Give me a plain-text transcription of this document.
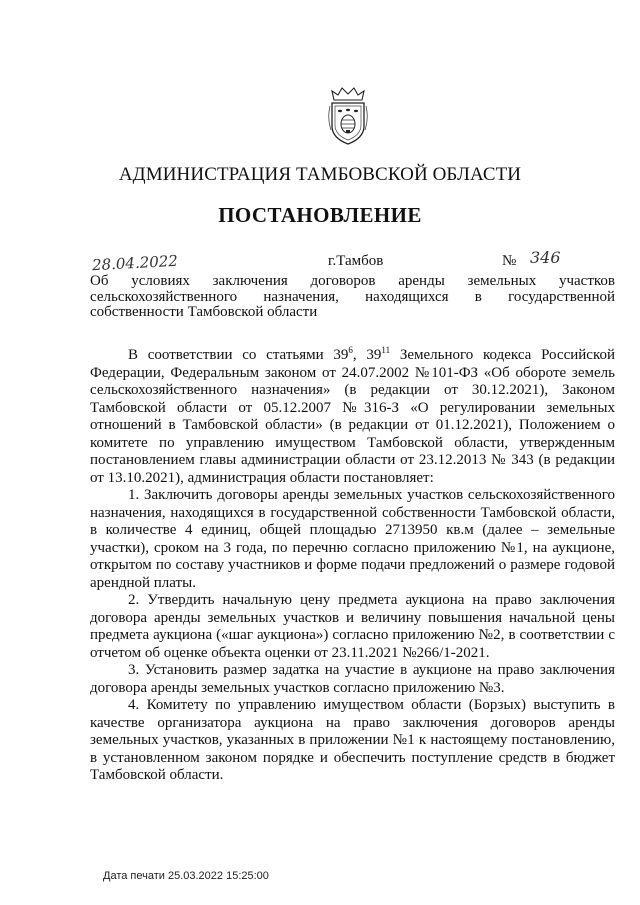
АДМИНИСТРАЦИЯ ТАМБОВСКОЙ ОБЛАСТИ
ПОСТАНОВЛЕНИЕ
28.04.2022	г.Тамбов	№ 346
Об условиях заключения договоров аренды земельных участков сельскохозяйственного назначения, находящихся в государственной собственности Тамбовской области

В соответствии со статьями $39^6$, $39^{11}$ Земельного кодекса Российской Федерации, Федеральным законом от 24.07.2002 №101-ФЗ «Об обороте земель сельскохозяйственного назначения» (в редакции от 30.12.2021), Законом Тамбовской области от 05.12.2007 №316-З «О регулировании земельных отношений в Тамбовской области» (в редакции от 01.12.2021), Положением о комитете по управлению имуществом Тамбовской области, утвержденным постановлением главы администрации области от 23.12.2013 № 343 (в редакции от 13.10.2021), администрация области постановляет:

1. Заключить договоры аренды земельных участков сельскохозяйственного назначения, находящихся в государственной собственности Тамбовской области, в количестве 4 единиц, общей площадью 2713950 кв.м (далее – земельные участки), сроком на 3 года, по перечню согласно приложению №1, на аукционе, открытом по составу участников и форме подачи предложений о размере годовой арендной платы.

2. Утвердить начальную цену предмета аукциона на право заключения договора аренды земельных участков и величину повышения начальной цены предмета аукциона («шаг аукциона») согласно приложению №2, в соответствии с отчетом об оценке объекта оценки от 23.11.2021 №266/1-2021.

3. Установить размер задатка на участие в аукционе на право заключения договора аренды земельных участков согласно приложению №3.

4. Комитету по управлению имуществом области (Борзых) выступить в качестве организатора аукциона на право заключения договоров аренды земельных участков, указанных в приложении №1 к настоящему постановлению, в установленном законом порядке и обеспечить поступление средств в бюджет Тамбовской области.

Дата печати 25.03.2022 15:25:00
